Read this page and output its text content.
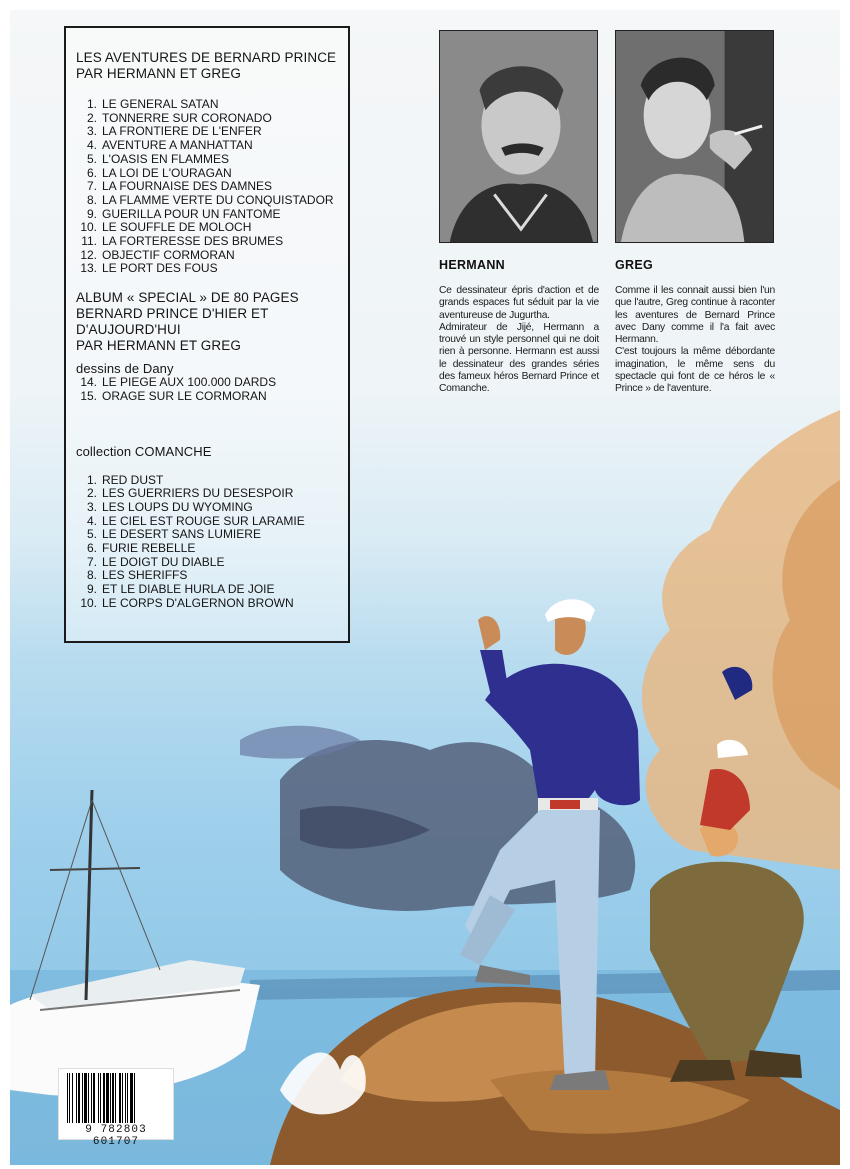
LES AVENTURES DE BERNARD PRINCE
PAR HERMANN ET GREG
1. LE GENERAL SATAN
2. TONNERRE SUR CORONADO
3. LA FRONTIERE DE L'ENFER
4. AVENTURE A MANHATTAN
5. L'OASIS EN FLAMMES
6. LA LOI DE L'OURAGAN
7. LA FOURNAISE DES DAMNES
8. LA FLAMME VERTE DU CONQUISTADOR
9. GUERILLA POUR UN FANTOME
10. LE SOUFFLE DE MOLOCH
11. LA FORTERESSE DES BRUMES
12. OBJECTIF CORMORAN
13. LE PORT DES FOUS
ALBUM « SPECIAL » DE 80 PAGES
BERNARD PRINCE D'HIER ET D'AUJOURD'HUI
PAR HERMANN ET GREG
dessins de Dany
14. LE PIEGE AUX 100.000 DARDS
15. ORAGE SUR LE CORMORAN
collection COMANCHE
1. RED DUST
2. LES GUERRIERS DU DESESPOIR
3. LES LOUPS DU WYOMING
4. LE CIEL EST ROUGE SUR LARAMIE
5. LE DESERT SANS LUMIERE
6. FURIE REBELLE
7. LE DOIGT DU DIABLE
8. LES SHERIFFS
9. ET LE DIABLE HURLA DE JOIE
10. LE CORPS D'ALGERNON BROWN
HERMANN	GREG

Ce dessinateur épris d'action et de grands espaces fut séduit par la vie aventureuse de Jugurtha.

Admirateur de Jijé, Hermann a trouvé un style personnel qui ne doit rien à personne. Hermann est aussi le dessinateur des grandes séries des fameux héros Bernard Prince et Comanche.

Comme il les connait aussi bien l'un que l'autre, Greg continue à raconter les aventures de Bernard Prince avec Dany comme il l'a fait avec Hermann.

C'est toujours la même débordante imagination, le même sens du spectacle qui font de ce héros le « Prince » de l'aventure.

9 782803 601707
